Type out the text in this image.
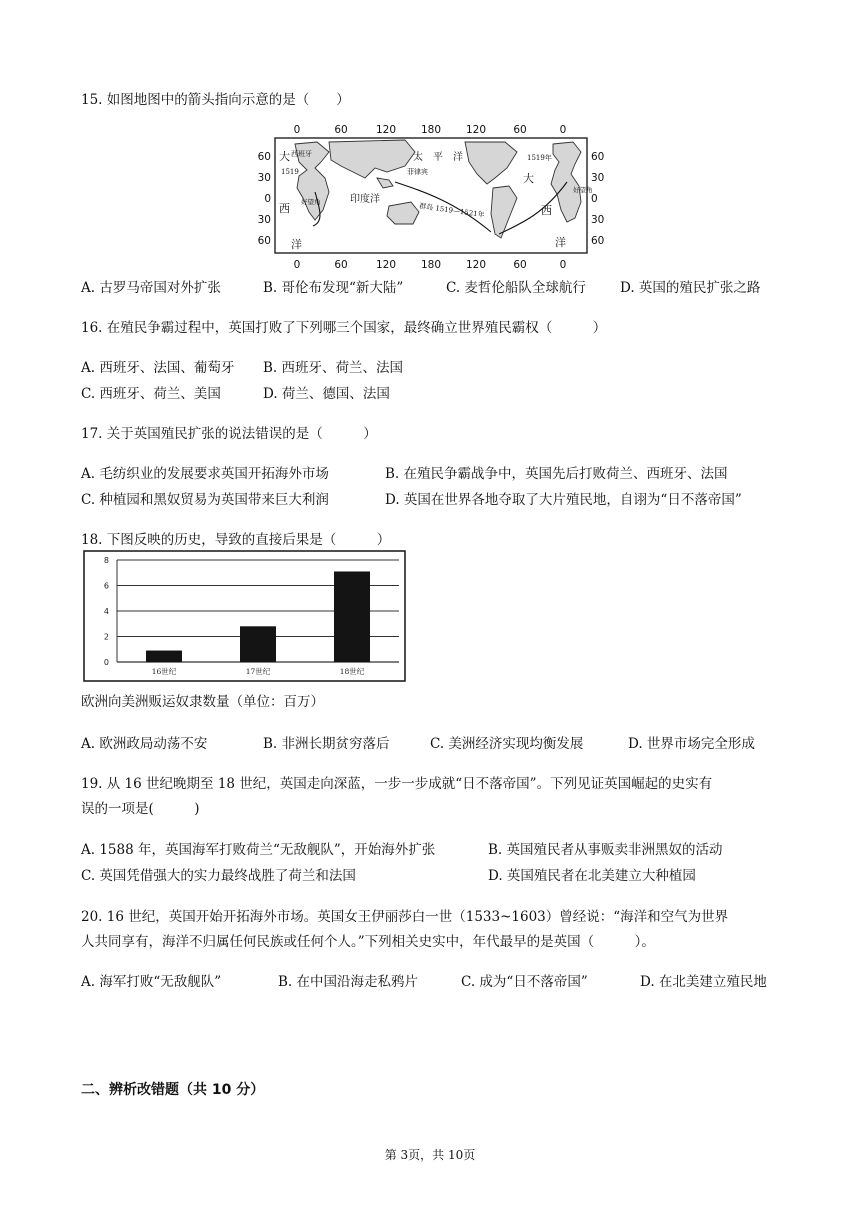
15. 如图地图中的箭头指向示意的是（　　）
0	60	120 180 120	60	0
0	60	120 180 120	60	0
60
30
0
30
60
60
30
0
30
60
大 西班牙
1519
太　平　洋	1519年
大
菲律宾
印度洋
西 好望角
群岛 1519—1521年	西
好望角
洋	洋
A. 古罗马帝国对外扩张	B. 哥伦布发现“新大陆”	C. 麦哲伦船队全球航行	D. 英国的殖民扩张之路
16. 在殖民争霸过程中，英国打败了下列哪三个国家，最终确立世界殖民霸权（　　　）
A. 西班牙、法国、葡萄牙 B. 西班牙、荷兰、法国
C. 西班牙、荷兰、美国	D. 荷兰、德国、法国
17. 关于英国殖民扩张的说法错误的是（　　　）
A. 毛纺织业的发展要求英国开拓海外市场	B. 在殖民争霸战争中，英国先后打败荷兰、西班牙、法国
C. 种植园和黑奴贸易为英国带来巨大利润	D. 英国在世界各地夺取了大片殖民地，自诩为“日不落帝国”
18. 下图反映的历史，导致的直接后果是（　　　）
0
2
4
6
8
16世纪	17世纪	18世纪
欧洲向美洲贩运奴隶数量（单位：百万）
A. 欧洲政局动荡不安	B. 非洲长期贫穷落后	C. 美洲经济实现均衡发展	D. 世界市场完全形成
19. 从 16 世纪晚期至 18 世纪，英国走向深蓝，一步一步成就“日不落帝国”。下列见证英国崛起的史实有
误的一项是(　　　)
A. 1588 年，英国海军打败荷兰“无敌舰队”，开始海外扩张	B. 英国殖民者从事贩卖非洲黑奴的活动
C. 英国凭借强大的实力最终战胜了荷兰和法国	D. 英国殖民者在北美建立大种植园
20. 16 世纪，英国开始开拓海外市场。英国女王伊丽莎白一世（1533~1603）曾经说：“海洋和空气为世界
人共同享有，海洋不归属任何民族或任何个人。”下列相关史实中，年代最早的是英国（　　　）。
A. 海军打败“无敌舰队”	B. 在中国沿海走私鸦片	C. 成为“日不落帝国”	D. 在北美建立殖民地
二、辨析改错题（共 10 分）
第 3页，共 10页
